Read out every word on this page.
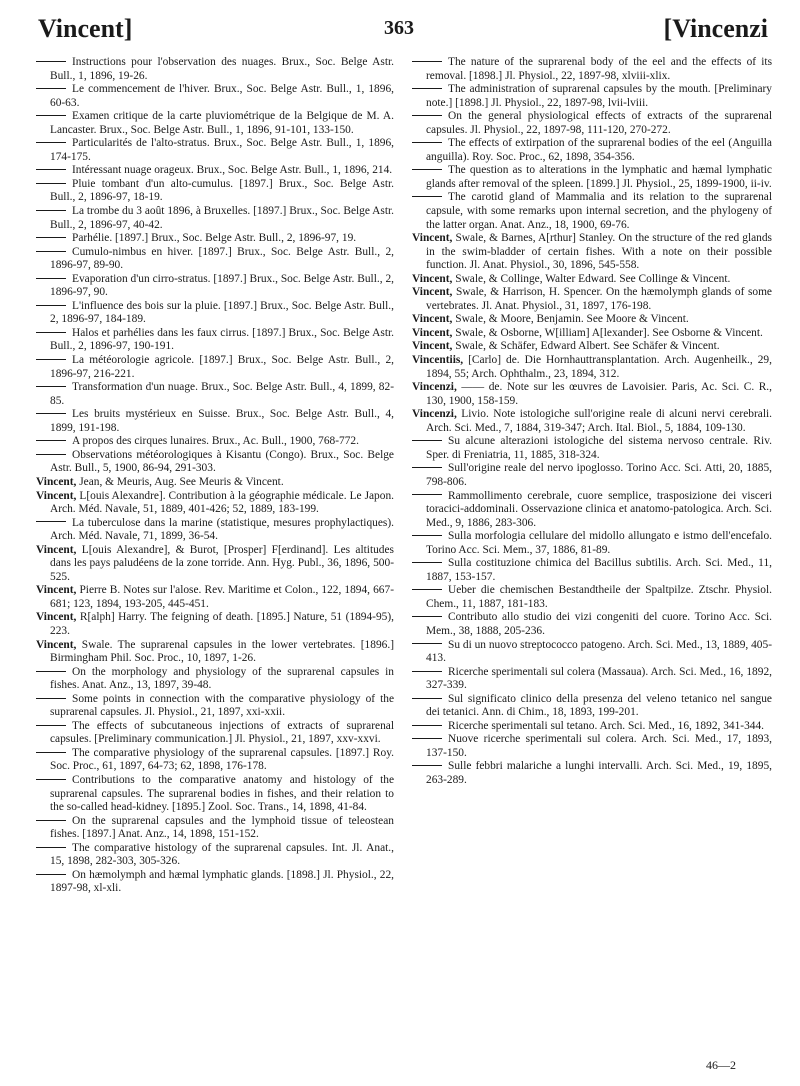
Vincent]	363	[Vincenzi

Instructions pour l'observation des nuages. Brux., Soc. Belge Astr. Bull., 1, 1896, 19-26.

Le commencement de l'hiver. Brux., Soc. Belge Astr. Bull., 1, 1896, 60-63.

Examen critique de la carte pluviométrique de la Belgique de M. A. Lancaster. Brux., Soc. Belge Astr. Bull., 1, 1896, 91-101, 133-150.

Particularités de l'alto-stratus. Brux., Soc. Belge Astr. Bull., 1, 1896, 174-175.

Intéressant nuage orageux. Brux., Soc. Belge Astr. Bull., 1, 1896, 214.

Pluie tombant d'un alto-cumulus. [1897.] Brux., Soc. Belge Astr. Bull., 2, 1896-97, 18-19.

La trombe du 3 août 1896, à Bruxelles. [1897.] Brux., Soc. Belge Astr. Bull., 2, 1896-97, 40-42.

Parhélie. [1897.] Brux., Soc. Belge Astr. Bull., 2, 1896-97, 19.

Cumulo-nimbus en hiver. [1897.] Brux., Soc. Belge Astr. Bull., 2, 1896-97, 89-90.

Evaporation d'un cirro-stratus. [1897.] Brux., Soc. Belge Astr. Bull., 2, 1896-97, 90.

L'influence des bois sur la pluie. [1897.] Brux., Soc. Belge Astr. Bull., 2, 1896-97, 184-189.

Halos et parhélies dans les faux cirrus. [1897.] Brux., Soc. Belge Astr. Bull., 2, 1896-97, 190-191.

La météorologie agricole. [1897.] Brux., Soc. Belge Astr. Bull., 2, 1896-97, 216-221.

Transformation d'un nuage. Brux., Soc. Belge Astr. Bull., 4, 1899, 82-85.

Les bruits mystérieux en Suisse. Brux., Soc. Belge Astr. Bull., 4, 1899, 191-198.

A propos des cirques lunaires. Brux., Ac. Bull., 1900, 768-772.

Observations météorologiques à Kisantu (Congo). Brux., Soc. Belge Astr. Bull., 5, 1900, 86-94, 291-303.

Vincent, Jean, & Meuris, Aug. See Meuris & Vincent.

Vincent, L[ouis Alexandre]. Contribution à la géographie médicale. Le Japon. Arch. Méd. Navale, 51, 1889, 401-426; 52, 1889, 183-199.

La tuberculose dans la marine (statistique, mesures prophylactiques). Arch. Méd. Navale, 71, 1899, 36-54.

Vincent, L[ouis Alexandre], & Burot, [Prosper] F[erdinand]. Les altitudes dans les pays paludéens de la zone torride. Ann. Hyg. Publ., 36, 1896, 500-525.

Vincent, Pierre B. Notes sur l'alose. Rev. Maritime et Colon., 122, 1894, 667-681; 123, 1894, 193-205, 445-451.

Vincent, R[alph] Harry. The feigning of death. [1895.] Nature, 51 (1894-95), 223.

Vincent, Swale. The suprarenal capsules in the lower vertebrates. [1896.] Birmingham Phil. Soc. Proc., 10, 1897, 1-26.

On the morphology and physiology of the suprarenal capsules in fishes. Anat. Anz., 13, 1897, 39-48.

Some points in connection with the comparative physiology of the suprarenal capsules. Jl. Physiol., 21, 1897, xxi-xxii.

The effects of subcutaneous injections of extracts of suprarenal capsules. [Preliminary communication.] Jl. Physiol., 21, 1897, xxv-xxvi.

The comparative physiology of the suprarenal capsules. [1897.] Roy. Soc. Proc., 61, 1897, 64-73; 62, 1898, 176-178.

Contributions to the comparative anatomy and histology of the suprarenal capsules. The suprarenal bodies in fishes, and their relation to the so-called head-kidney. [1895.] Zool. Soc. Trans., 14, 1898, 41-84.

On the suprarenal capsules and the lymphoid tissue of teleostean fishes. [1897.] Anat. Anz., 14, 1898, 151-152.

The comparative histology of the suprarenal capsules. Int. Jl. Anat., 15, 1898, 282-303, 305-326.

On hæmolymph and hæmal lymphatic glands. [1898.] Jl. Physiol., 22, 1897-98, xl-xli.

The nature of the suprarenal body of the eel and the effects of its removal. [1898.] Jl. Physiol., 22, 1897-98, xlviii-xlix.

The administration of suprarenal capsules by the mouth. [Preliminary note.] [1898.] Jl. Physiol., 22, 1897-98, lvii-lviii.

On the general physiological effects of extracts of the suprarenal capsules. Jl. Physiol., 22, 1897-98, 111-120, 270-272.

The effects of extirpation of the suprarenal bodies of the eel (Anguilla anguilla). Roy. Soc. Proc., 62, 1898, 354-356.

The question as to alterations in the lymphatic and hæmal lymphatic glands after removal of the spleen. [1899.] Jl. Physiol., 25, 1899-1900, ii-iv.

The carotid gland of Mammalia and its relation to the suprarenal capsule, with some remarks upon internal secretion, and the phylogeny of the latter organ. Anat. Anz., 18, 1900, 69-76.

Vincent, Swale, & Barnes, A[rthur] Stanley. On the structure of the red glands in the swim-bladder of certain fishes. With a note on their possible function. Jl. Anat. Physiol., 30, 1896, 545-558.

Vincent, Swale, & Collinge, Walter Edward. See Collinge & Vincent.

Vincent, Swale, & Harrison, H. Spencer. On the hæmolymph glands of some vertebrates. Jl. Anat. Physiol., 31, 1897, 176-198.

Vincent, Swale, & Moore, Benjamin. See Moore & Vincent.

Vincent, Swale, & Osborne, W[illiam] A[lexander]. See Osborne & Vincent.

Vincent, Swale, & Schäfer, Edward Albert. See Schäfer & Vincent.

Vincentiis, [Carlo] de. Die Hornhauttransplantation. Arch. Augenheilk., 29, 1894, 55; Arch. Ophthalm., 23, 1894, 312.

Vincenzi, —— de. Note sur les œuvres de Lavoisier. Paris, Ac. Sci. C. R., 130, 1900, 158-159.

Vincenzi, Livio. Note istologiche sull'origine reale di alcuni nervi cerebrali. Arch. Sci. Med., 7, 1884, 319-347; Arch. Ital. Biol., 5, 1884, 109-130.

Su alcune alterazioni istologiche del sistema nervoso centrale. Riv. Sper. di Freniatria, 11, 1885, 318-324.

Sull'origine reale del nervo ipoglosso. Torino Acc. Sci. Atti, 20, 1885, 798-806.

Rammollimento cerebrale, cuore semplice, trasposizione dei visceri toracici-addominali. Osservazione clinica et anatomo-patologica. Arch. Sci. Med., 9, 1886, 283-306.

Sulla morfologia cellulare del midollo allungato e istmo dell'encefalo. Torino Acc. Sci. Mem., 37, 1886, 81-89.

Sulla costituzione chimica del Bacillus subtilis. Arch. Sci. Med., 11, 1887, 153-157.

Ueber die chemischen Bestandtheile der Spaltpilze. Ztschr. Physiol. Chem., 11, 1887, 181-183.

Contributo allo studio dei vizi congeniti del cuore. Torino Acc. Sci. Mem., 38, 1888, 205-236.

Su di un nuovo streptococco patogeno. Arch. Sci. Med., 13, 1889, 405-413.

Ricerche sperimentali sul colera (Massaua). Arch. Sci. Med., 16, 1892, 327-339.

Sul significato clinico della presenza del veleno tetanico nel sangue dei tetanici. Ann. di Chim., 18, 1893, 199-201.

Ricerche sperimentali sul tetano. Arch. Sci. Med., 16, 1892, 341-344.

Nuove ricerche sperimentali sul colera. Arch. Sci. Med., 17, 1893, 137-150.

Sulle febbri malariche a lunghi intervalli. Arch. Sci. Med., 19, 1895, 263-289.

46—2
